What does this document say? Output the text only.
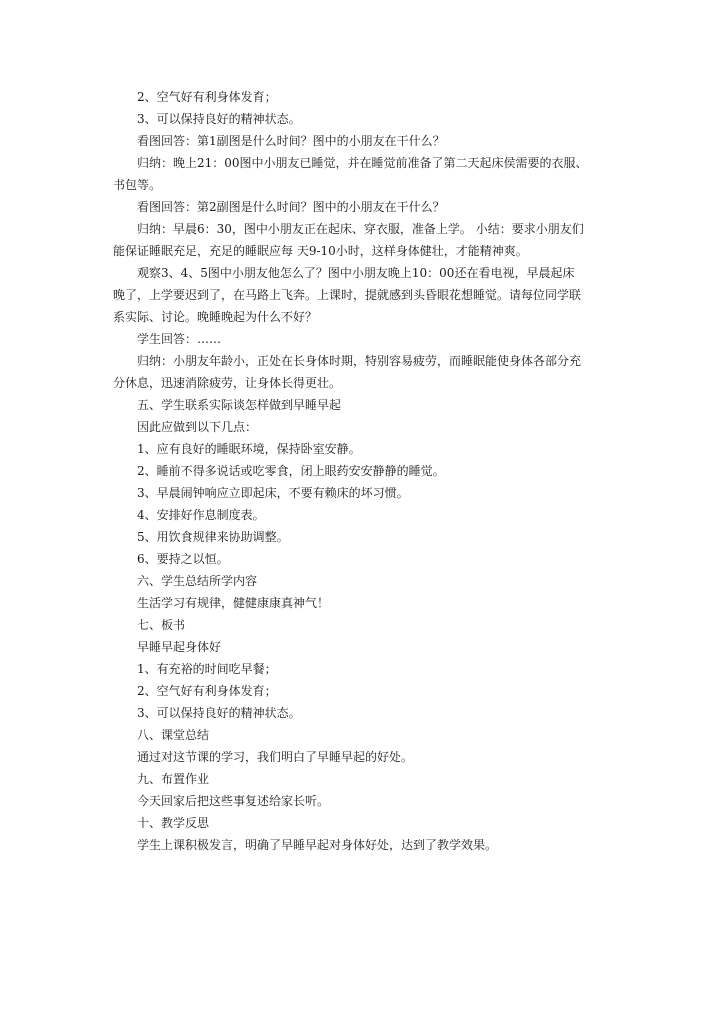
2、空气好有利身体发育；

3、可以保持良好的精神状态。

看图回答：第1副图是什么时间？图中的小朋友在干什么？

归纳：晚上21：00图中小朋友已睡觉，并在睡觉前准备了第二天起床侯需要的衣服、

书包等。

看图回答：第2副图是什么时间？图中的小朋友在干什么？

归纳：早晨6：30，图中小朋友正在起床、穿衣服，准备上学。 小结：要求小朋友们

能保证睡眠充足，充足的睡眠应每 天9-10小时，这样身体健壮，才能精神爽。

观察3、4、5图中小朋友他怎么了？图中小朋友晚上10：00还在看电视，早晨起床

晚了，上学要迟到了，在马路上飞奔。上课时，提就感到头昏眼花想睡觉。请每位同学联

系实际、讨论。晚睡晚起为什么不好？

学生回答：……

归纳：小朋友年龄小，正处在长身体时期，特别容易疲劳，而睡眠能使身体各部分充

分休息，迅速消除疲劳，让身体长得更壮。

五、学生联系实际谈怎样做到早睡早起

因此应做到以下几点：

1、应有良好的睡眠环境，保持卧室安静。

2、睡前不得多说话或吃零食，闭上眼药安安静静的睡觉。

3、早晨闹钟响应立即起床，不要有赖床的坏习惯。

4、安排好作息制度表。

5、用饮食规律来协助调整。

6、要持之以恒。

六、学生总结所学内容

生活学习有规律，健健康康真神气！

七、板书

早睡早起身体好

1、有充裕的时间吃早餐；

2、空气好有利身体发育；

3、可以保持良好的精神状态。

八、课堂总结

通过对这节课的学习，我们明白了早睡早起的好处。

九、布置作业

今天回家后把这些事复述给家长听。

十、教学反思

学生上课积极发言，明确了早睡早起对身体好处，达到了教学效果。
